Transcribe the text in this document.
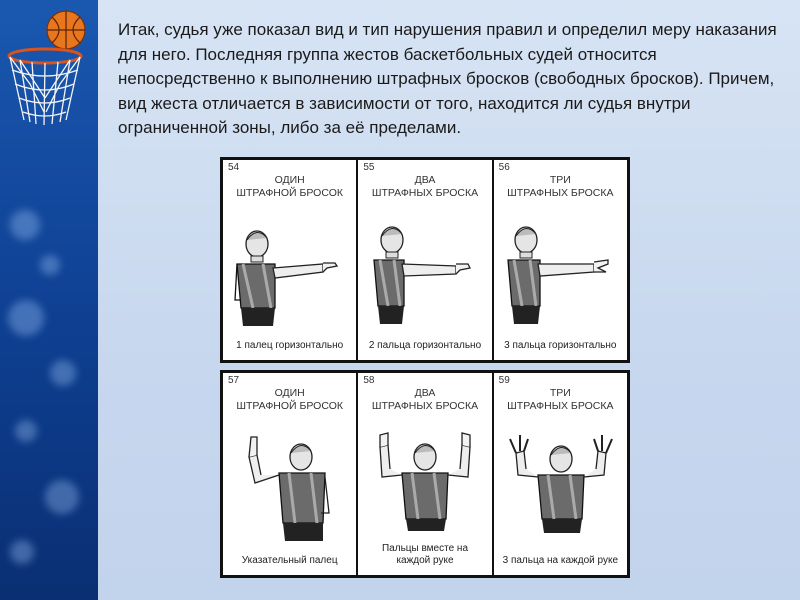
Итак, судья уже показал вид и тип нарушения правил и определил меру наказания для него. Последняя группа жестов баскетбольных судей относится непосредственно к выполнению штрафных бросков (свободных бросков). Причем, вид жеста отличается в зависимости от того, находится ли судья внутри ограниченной зоны, либо за её пределами.

54
ОДИН
ШТРАФНОЙ БРОСОК
1 палец горизонтально
55
ДВА
ШТРАФНЫХ БРОСКА
2 пальца горизонтально
56
ТРИ
ШТРАФНЫХ БРОСКА
3 пальца горизонтально
57
ОДИН
ШТРАФНОЙ БРОСОК
Указательный палец
58
ДВА
ШТРАФНЫХ БРОСКА
Пальцы вместе на
каждой руке
59
ТРИ
ШТРАФНЫХ БРОСКА
3 пальца на каждой руке
